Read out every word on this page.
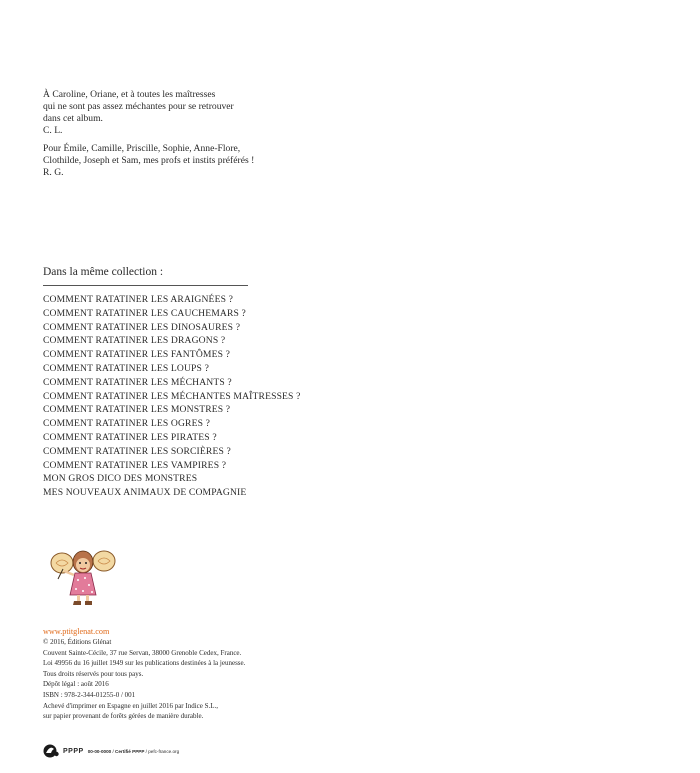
À Caroline, Oriane, et à toutes les maîtresses
qui ne sont pas assez méchantes pour se retrouver
dans cet album.
C. L.

Pour Émile, Camille, Priscille, Sophie, Anne-Flore,
Clothilde, Joseph et Sam, mes profs et instits préférés !
R. G.

Dans la même collection :

COMMENT RATATINER LES ARAIGNÉES ?
COMMENT RATATINER LES CAUCHEMARS ?
COMMENT RATATINER LES DINOSAURES ?
COMMENT RATATINER LES DRAGONS ?
COMMENT RATATINER LES FANTÔMES ?
COMMENT RATATINER LES LOUPS ?
COMMENT RATATINER LES MÉCHANTS ?
COMMENT RATATINER LES MÉCHANTES MAÎTRESSES ?
COMMENT RATATINER LES MONSTRES ?
COMMENT RATATINER LES OGRES ?
COMMENT RATATINER LES PIRATES ?
COMMENT RATATINER LES SORCIÈRES ?
COMMENT RATATINER LES VAMPIRES ?
MON GROS DICO DES MONSTRES
MES NOUVEAUX ANIMAUX DE COMPAGNIE
www.ptitglenat.com
© 2016, Éditions Glénat
Couvent Sainte-Cécile, 37 rue Servan, 38000 Grenoble Cedex, France.
Loi 49956 du 16 juillet 1949 sur les publications destinées à la jeunesse.
Tous droits réservés pour tous pays.
Dépôt légal : août 2016
ISBN : 978-2-344-01255-0 / 001
Achevé d'imprimer en Espagne en juillet 2016 par Indice S.L.,
sur papier provenant de forêts gérées de manière durable.
PPPP 00-00-0000 / Certifié PPPP / pefc-france.org
